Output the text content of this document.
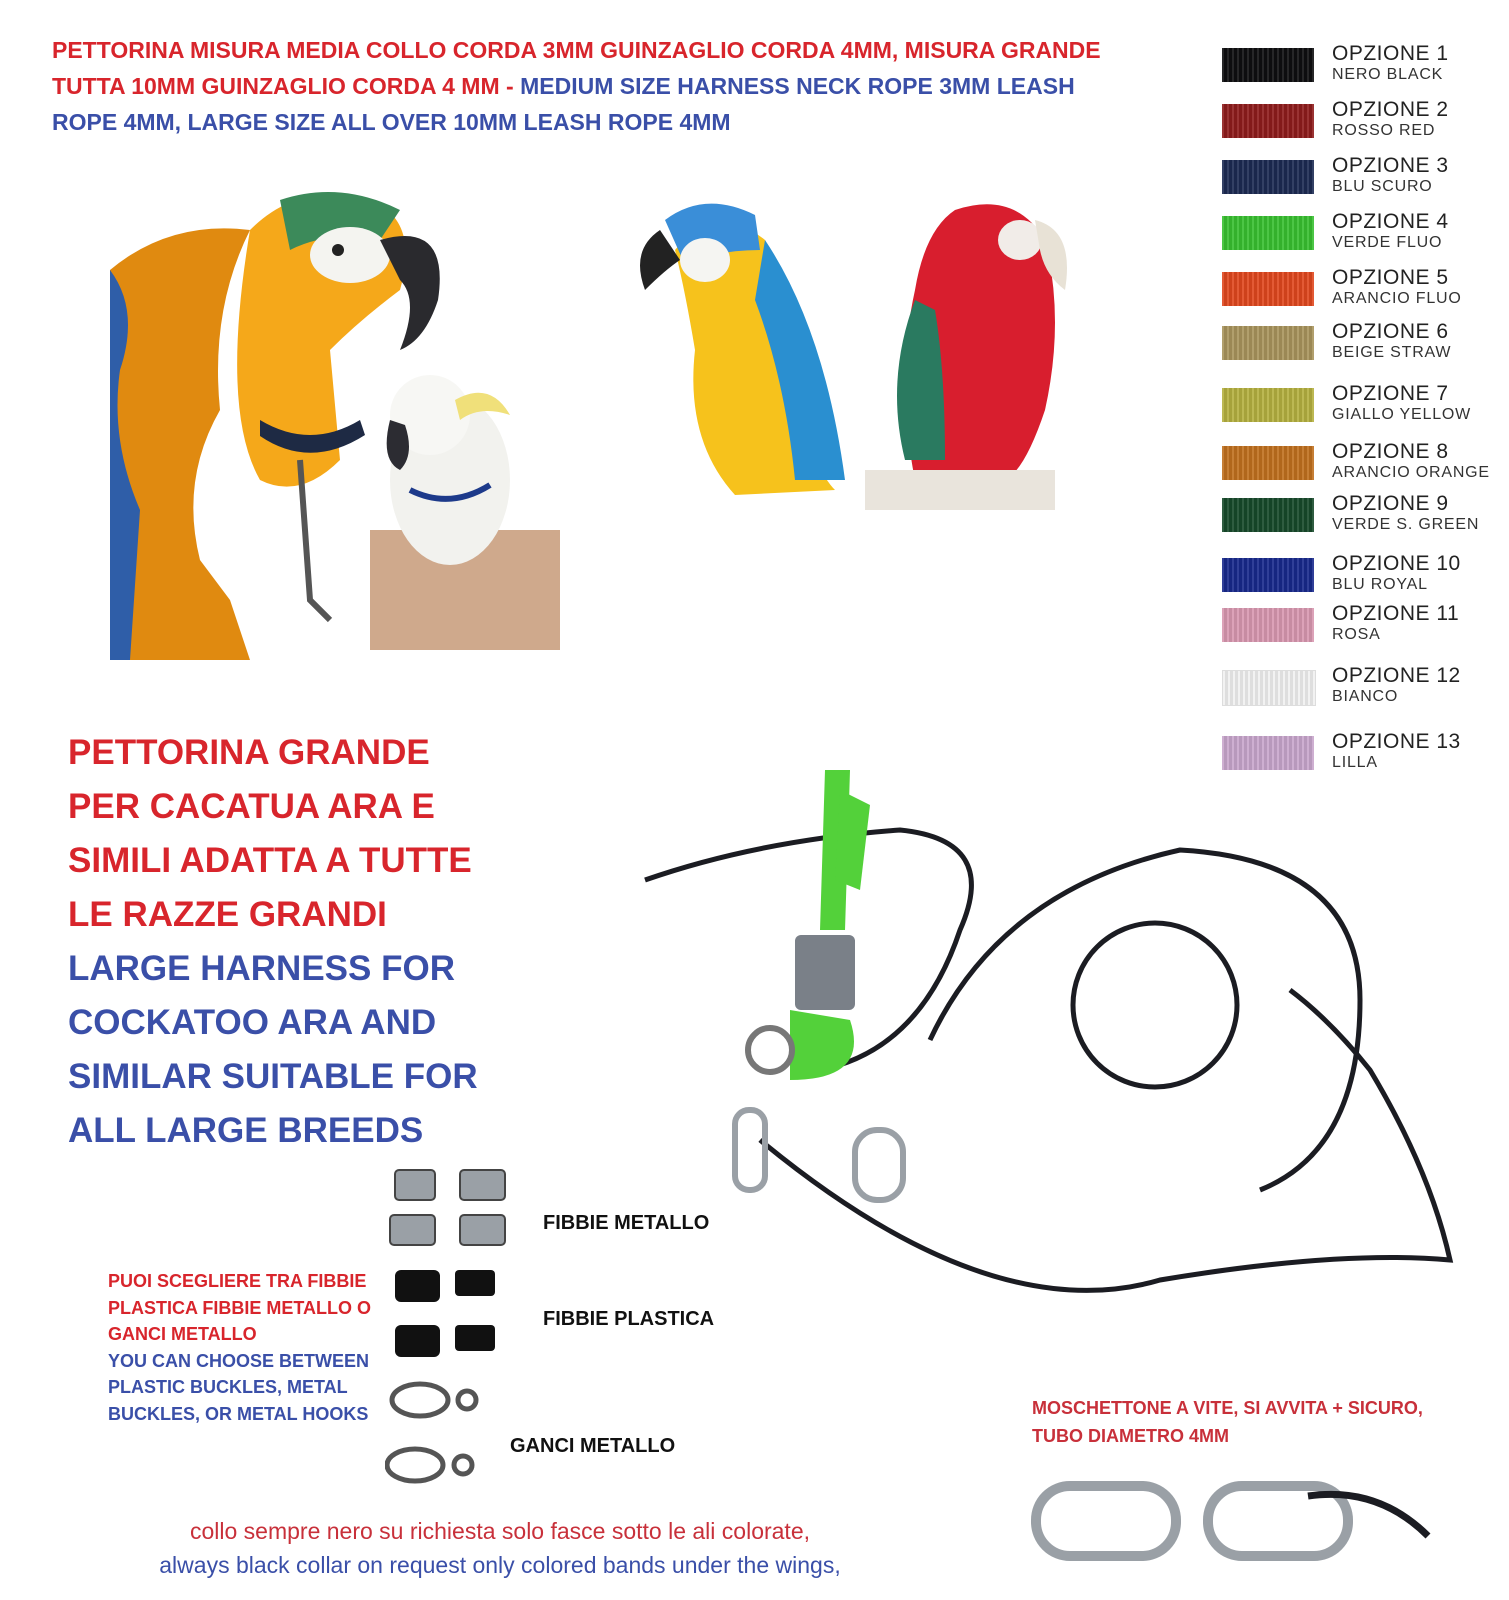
PETTORINA MISURA MEDIA COLLO CORDA 3MM GUINZAGLIO CORDA 4MM, MISURA GRANDE TUTTA 10MM GUINZAGLIO CORDA 4 MM - MEDIUM SIZE HARNESS NECK ROPE 3MM LEASH ROPE 4MM, LARGE SIZE ALL OVER 10MM LEASH ROPE 4MM
OPZIONE 1
NERO BLACK
OPZIONE 2
ROSSO RED
OPZIONE 3
BLU SCURO
OPZIONE 4
VERDE FLUO
OPZIONE 5
ARANCIO FLUO
OPZIONE 6
BEIGE STRAW
OPZIONE 7
GIALLO YELLOW
OPZIONE 8
ARANCIO ORANGE
OPZIONE 9
VERDE S. GREEN
OPZIONE 10
BLU ROYAL
OPZIONE 11
ROSA
OPZIONE 12
BIANCO
OPZIONE 13
LILLA
PETTORINA GRANDE PER CACATUA ARA E SIMILI ADATTA A TUTTE LE RAZZE GRANDI
LARGE HARNESS FOR COCKATOO ARA AND SIMILAR SUITABLE FOR ALL LARGE BREEDS
FIBBIE METALLO
FIBBIE PLASTICA
GANCI METALLO
PUOI SCEGLIERE TRA FIBBIE PLASTICA FIBBIE METALLO O GANCI METALLO
YOU CAN CHOOSE BETWEEN PLASTIC BUCKLES, METAL BUCKLES, OR METAL HOOKS	MOSCHETTONE A VITE, SI AVVITA + SICURO,
TUBO DIAMETRO 4MM
collo sempre nero su richiesta solo fasce sotto le ali colorate,
always black collar on request only colored bands under the wings,
